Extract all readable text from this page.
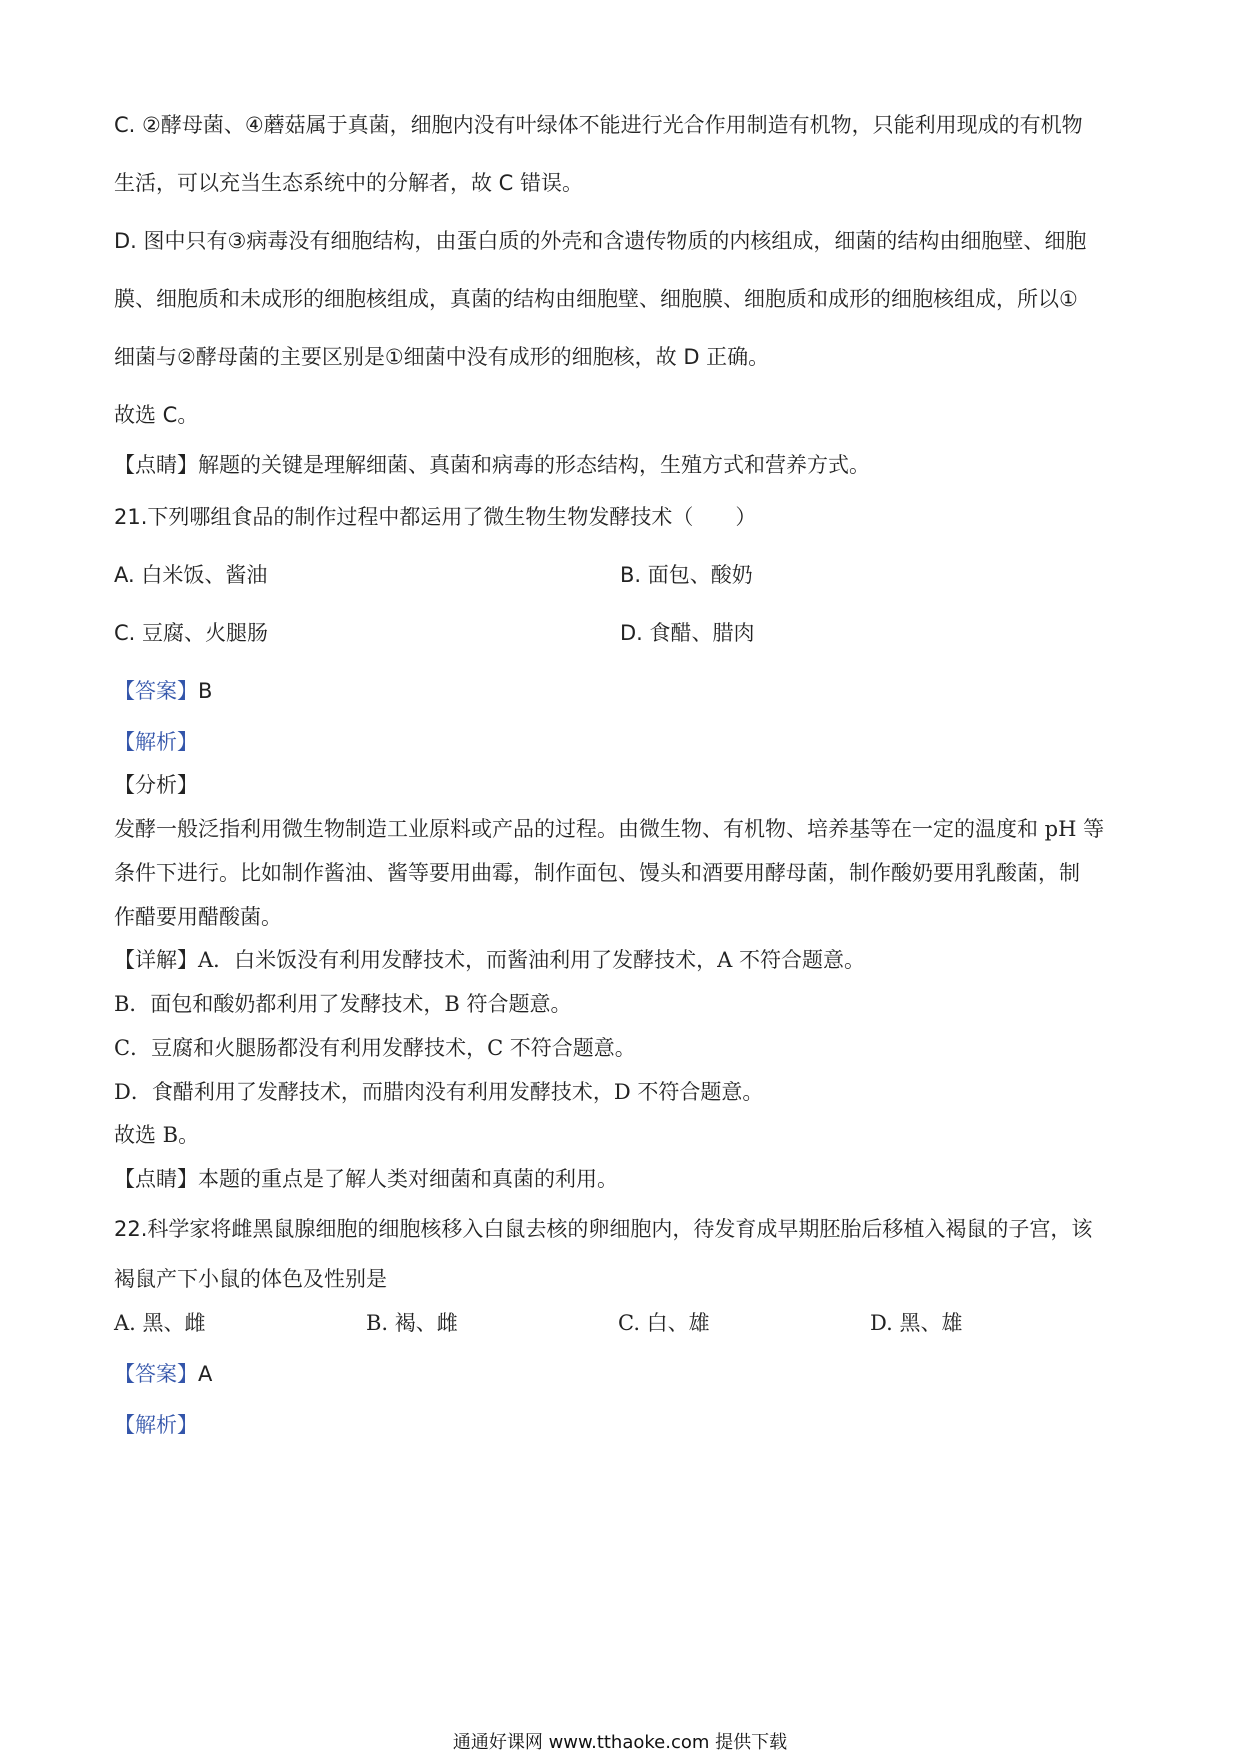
C. ②酵母菌、④蘑菇属于真菌，细胞内没有叶绿体不能进行光合作用制造有机物，只能利用现成的有机物
生活，可以充当生态系统中的分解者，故 C 错误。
D. 图中只有③病毒没有细胞结构，由蛋白质的外壳和含遗传物质的内核组成，细菌的结构由细胞壁、细胞
膜、细胞质和未成形的细胞核组成，真菌的结构由细胞壁、细胞膜、细胞质和成形的细胞核组成，所以①
细菌与②酵母菌的主要区别是①细菌中没有成形的细胞核，故 D 正确。
故选 C。
【点睛】解题的关键是理解细菌、真菌和病毒的形态结构，生殖方式和营养方式。
21.下列哪组食品的制作过程中都运用了微生物生物发酵技术（　　）
A. 白米饭、酱油	B. 面包、酸奶
C. 豆腐、火腿肠	D. 食醋、腊肉
【答案】B
【解析】
【分析】
发酵一般泛指利用微生物制造工业原料或产品的过程。由微生物、有机物、培养基等在一定的温度和 pH 等
条件下进行。比如制作酱油、酱等要用曲霉，制作面包、馒头和酒要用酵母菌，制作酸奶要用乳酸菌，制
作醋要用醋酸菌。
【详解】A．白米饭没有利用发酵技术，而酱油利用了发酵技术，A 不符合题意。
B．面包和酸奶都利用了发酵技术，B 符合题意。
C．豆腐和火腿肠都没有利用发酵技术，C 不符合题意。
D．食醋利用了发酵技术，而腊肉没有利用发酵技术，D 不符合题意。
故选 B。
【点睛】本题的重点是了解人类对细菌和真菌的利用。
22.科学家将雌黑鼠腺细胞的细胞核移入白鼠去核的卵细胞内，待发育成早期胚胎后移植入褐鼠的子宫，该
褐鼠产下小鼠的体色及性别是
A. 黑、雌	B. 褐、雌	C. 白、雄	D. 黑、雄
【答案】A
【解析】
通通好课网 www.tthaoke.com 提供下载
